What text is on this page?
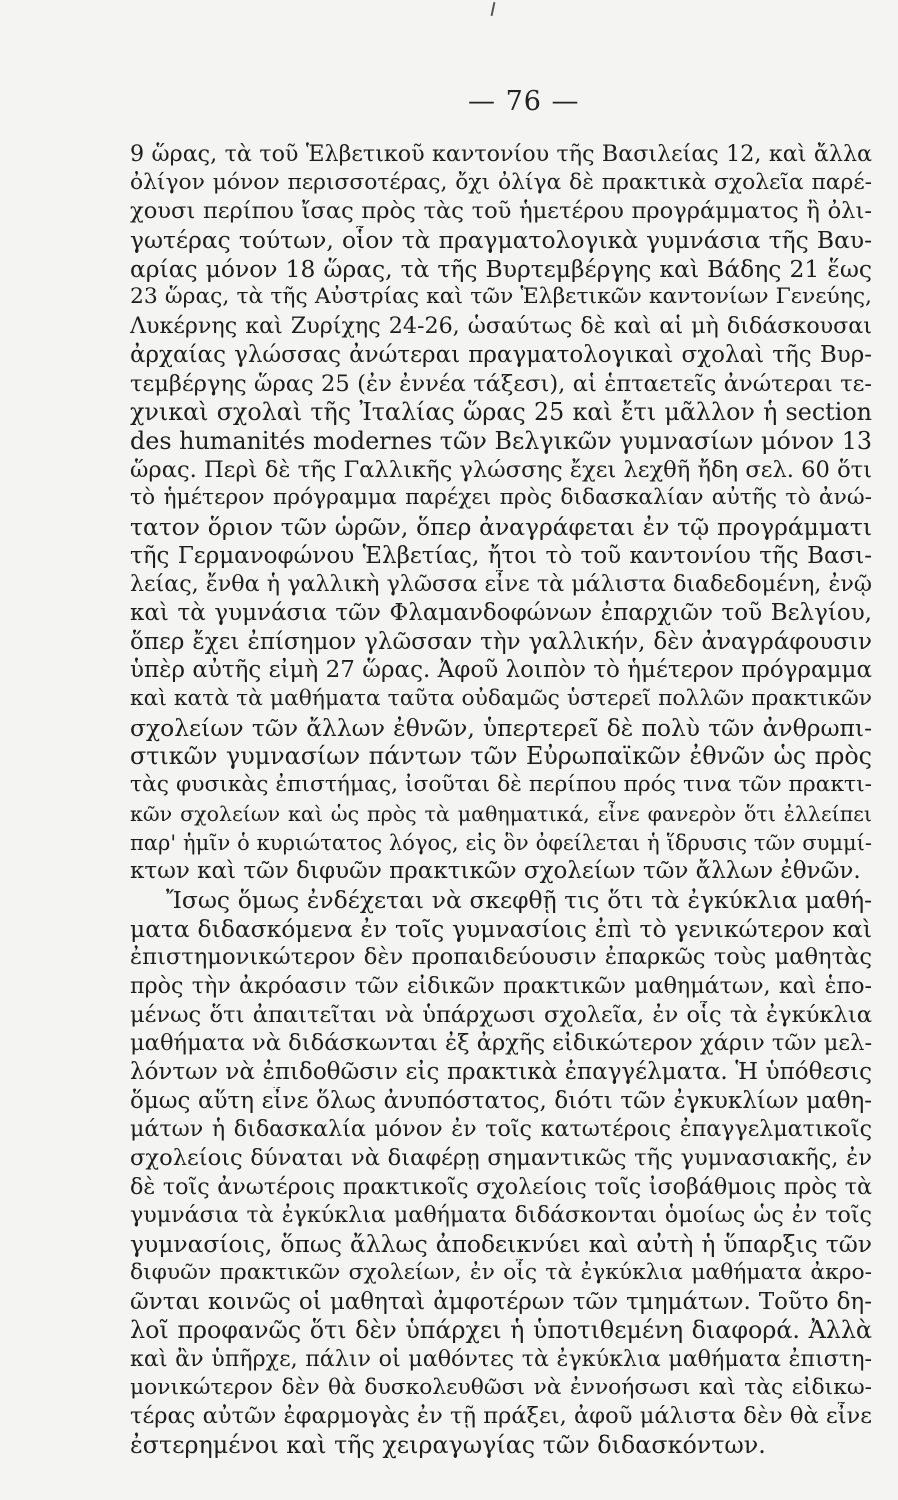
— 76 —
9 ὥρας, τὰ τοῦ Ἑλβετικοῦ καντονίου τῆς Βασιλείας 12, καὶ ἄλλα
ὀλίγον μόνον περισσοτέρας, ὄχι ὀλίγα δὲ πρακτικὰ σχολεῖα παρέ-
χουσι περίπου ἴσας πρὸς τὰς τοῦ ἡμετέρου προγράμματος ἢ ὀλι-
γωτέρας τούτων, οἷον τὰ πραγματολογικὰ γυμνάσια τῆς Βαυ-
αρίας μόνον 18 ὥρας, τὰ τῆς Βυρτεμβέργης καὶ Βάδης 21 ἕως
23 ὥρας, τὰ τῆς Αὐστρίας καὶ τῶν Ἑλβετικῶν καντονίων Γενεύης,
Λυκέρνης καὶ Ζυρίχης 24-26, ὡσαύτως δὲ καὶ αἱ μὴ διδάσκουσαι
ἀρχαίας γλώσσας ἀνώτεραι πραγματολογικαὶ σχολαὶ τῆς Βυρ-
τεμβέργης ὥρας 25 (ἐν ἐννέα τάξεσι), αἱ ἑπταετεῖς ἀνώτεραι τε-
χνικαὶ σχολαὶ τῆς Ἰταλίας ὥρας 25 καὶ ἔτι μᾶλλον ἡ section
des humanités modernes τῶν Βελγικῶν γυμνασίων μόνον 13
ὥρας. Περὶ δὲ τῆς Γαλλικῆς γλώσσης ἔχει λεχθῆ ἤδη σελ. 60 ὅτι
τὸ ἡμέτερον πρόγραμμα παρέχει πρὸς διδασκαλίαν αὐτῆς τὸ ἀνώ-
τατον ὅριον τῶν ὡρῶν, ὅπερ ἀναγράφεται ἐν τῷ προγράμματι
τῆς Γερμανοφώνου Ἑλβετίας, ἤτοι τὸ τοῦ καντονίου τῆς Βασι-
λείας, ἔνθα ἡ γαλλικὴ γλῶσσα εἶνε τὰ μάλιστα διαδεδομένη, ἐνῷ
καὶ τὰ γυμνάσια τῶν Φλαμανδοφώνων ἐπαρχιῶν τοῦ Βελγίου,
ὅπερ ἔχει ἐπίσημον γλῶσσαν τὴν γαλλικήν, δὲν ἀναγράφουσιν
ὑπὲρ αὐτῆς εἰμὴ 27 ὥρας. Ἀφοῦ λοιπὸν τὸ ἡμέτερον πρόγραμμα
καὶ κατὰ τὰ μαθήματα ταῦτα οὐδαμῶς ὑστερεῖ πολλῶν πρακτικῶν
σχολείων τῶν ἄλλων ἐθνῶν, ὑπερτερεῖ δὲ πολὺ τῶν ἀνθρωπι-
στικῶν γυμνασίων πάντων τῶν Εὐρωπαϊκῶν ἐθνῶν ὡς πρὸς
τὰς φυσικὰς ἐπιστήμας, ἰσοῦται δὲ περίπου πρός τινα τῶν πρακτι-
κῶν σχολείων καὶ ὡς πρὸς τὰ μαθηματικά, εἶνε φανερὸν ὅτι ἐλλείπει
παρ' ἡμῖν ὁ κυριώτατος λόγος, εἰς ὃν ὀφείλεται ἡ ἵδρυσις τῶν συμμί-
κτων καὶ τῶν διφυῶν πρακτικῶν σχολείων τῶν ἄλλων ἐθνῶν.
Ἴσως ὅμως ἐνδέχεται νὰ σκεφθῇ τις ὅτι τὰ ἐγκύκλια μαθή-
ματα διδασκόμενα ἐν τοῖς γυμνασίοις ἐπὶ τὸ γενικώτερον καὶ
ἐπιστημονικώτερον δὲν προπαιδεύουσιν ἐπαρκῶς τοὺς μαθητὰς
πρὸς τὴν ἀκρόασιν τῶν εἰδικῶν πρακτικῶν μαθημάτων, καὶ ἑπο-
μένως ὅτι ἀπαιτεῖται νὰ ὑπάρχωσι σχολεῖα, ἐν οἷς τὰ ἐγκύκλια
μαθήματα νὰ διδάσκωνται ἐξ ἀρχῆς εἰδικώτερον χάριν τῶν μελ-
λόντων νὰ ἐπιδοθῶσιν εἰς πρακτικὰ ἐπαγγέλματα. Ἡ ὑπόθεσις
ὅμως αὕτη εἶνε ὅλως ἀνυπόστατος, διότι τῶν ἐγκυκλίων μαθη-
μάτων ἡ διδασκαλία μόνον ἐν τοῖς κατωτέροις ἐπαγγελματικοῖς
σχολείοις δύναται νὰ διαφέρῃ σημαντικῶς τῆς γυμνασιακῆς, ἐν
δὲ τοῖς ἀνωτέροις πρακτικοῖς σχολείοις τοῖς ἰσοβάθμοις πρὸς τὰ
γυμνάσια τὰ ἐγκύκλια μαθήματα διδάσκονται ὁμοίως ὡς ἐν τοῖς
γυμνασίοις, ὅπως ἄλλως ἀποδεικνύει καὶ αὐτὴ ἡ ὕπαρξις τῶν
διφυῶν πρακτικῶν σχολείων, ἐν οἷς τὰ ἐγκύκλια μαθήματα ἀκρο-
ῶνται κοινῶς οἱ μαθηταὶ ἀμφοτέρων τῶν τμημάτων. Τοῦτο δη-
λοῖ προφανῶς ὅτι δὲν ὑπάρχει ἡ ὑποτιθεμένη διαφορά. Ἀλλὰ
καὶ ἂν ὑπῆρχε, πάλιν οἱ μαθόντες τὰ ἐγκύκλια μαθήματα ἐπιστη-
μονικώτερον δὲν θὰ δυσκολευθῶσι νὰ ἐννοήσωσι καὶ τὰς εἰδικω-
τέρας αὐτῶν ἐφαρμογὰς ἐν τῇ πράξει, ἀφοῦ μάλιστα δὲν θὰ εἶνε
ἐστερημένοι καὶ τῆς χειραγωγίας τῶν διδασκόντων.
